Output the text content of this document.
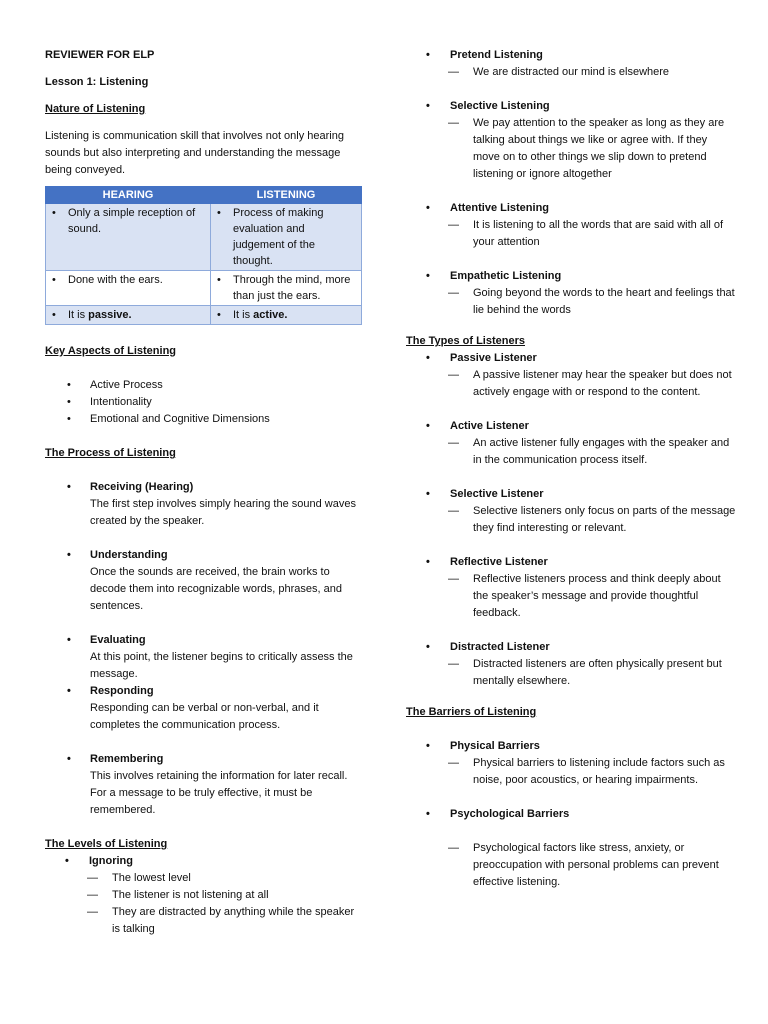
REVIEWER FOR ELP

Lesson 1: Listening

Nature of Listening

Listening is communication skill that involves not only hearing sounds but also interpreting and understanding the message being conveyed.

HEARING	LISTENING

• Only a simple reception of sound.	• Process of making evaluation and judgement of the thought.

• Done with the ears.	• Through the mind, more than just the ears.

• It is passive.	• It is active.

Key Aspects of Listening

• Active Process
• Intentionality
• Emotional and Cognitive Dimensions

The Process of Listening

• Receiving (Hearing)
The first step involves simply hearing the sound waves created by the speaker.
• Understanding
Once the sounds are received, the brain works to decode them into recognizable words, phrases, and sentences.
• Evaluating
At this point, the listener begins to critically assess the message.
• Responding
Responding can be verbal or non-verbal, and it completes the communication process.
• Remembering
This involves retaining the information for later recall. For a message to be truly effective, it must be remembered.

The Levels of Listening

• Ignoring
— The lowest level
— The listener is not listening at all
— They are distracted by anything while the speaker is talking
• Pretend Listening
— We are distracted our mind is elsewhere
• Selective Listening
— We pay attention to the speaker as long as they are talking about things we like or agree with. If they move on to other things we slip down to pretend listening or ignore altogether
• Attentive Listening
— It is listening to all the words that are said with all of your attention
• Empathetic Listening
— Going beyond the words to the heart and feelings that lie behind the words

The Types of Listeners

• Passive Listener
— A passive listener may hear the speaker but does not actively engage with or respond to the content.
• Active Listener
— An active listener fully engages with the speaker and in the communication process itself.
• Selective Listener
— Selective listeners only focus on parts of the message they find interesting or relevant.
• Reflective Listener
— Reflective listeners process and think deeply about the speaker’s message and provide thoughtful feedback.
• Distracted Listener
— Distracted listeners are often physically present but mentally elsewhere.

The Barriers of Listening

• Physical Barriers
— Physical barriers to listening include factors such as noise, poor acoustics, or hearing impairments.
• Psychological Barriers
— Psychological factors like stress, anxiety, or preoccupation with personal problems can prevent effective listening.
